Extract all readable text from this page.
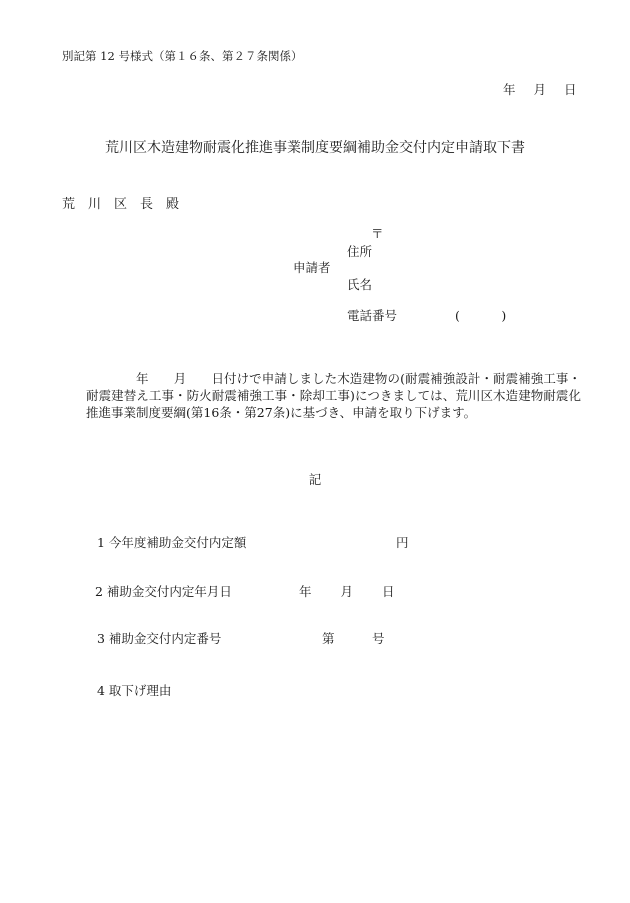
別記第 12 号様式（第１６条、第２７条関係）
年　 月　 日
荒川区木造建物耐震化推進事業制度要綱補助金交付内定申請取下書
荒　川　区　長　殿
〒
住所
申請者
氏名
電話番号	(　　　 )
年　　月　　日付けで申請しました木造建物の(耐震補強設計・耐震補強工事・耐震建替え工事・防火耐震補強工事・除却工事)につきましては、荒川区木造建物耐震化推進事業制度要綱(第16条・第27条)に基づき、申請を取り下げます。
記
1 今年度補助金交付内定額	円
2 補助金交付内定年月日	年　　 月　　 日
3 補助金交付内定番号	第　　　号
4 取下げ理由
